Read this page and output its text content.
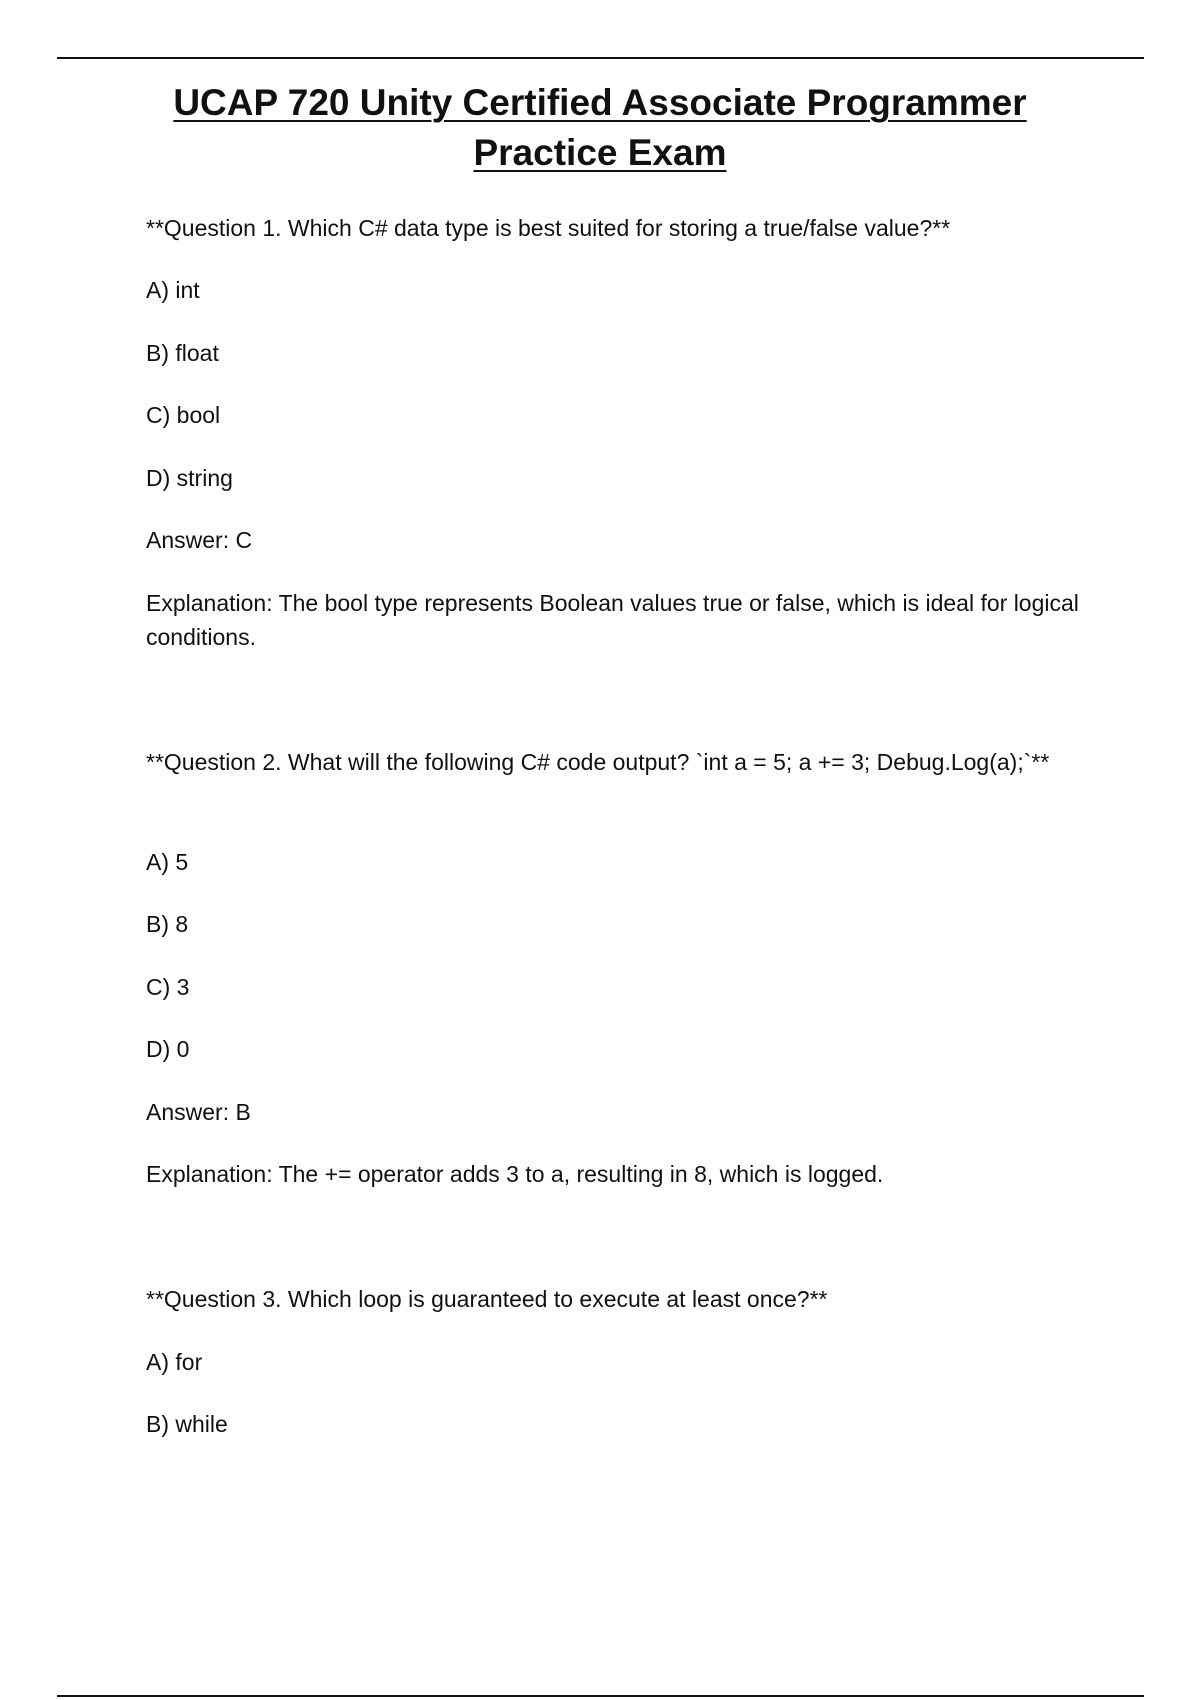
UCAP 720 Unity Certified Associate Programmer
Practice Exam

**Question 1. Which C# data type is best suited for storing a true/false value?**

A) int

B) float

C) bool

D) string

Answer: C

Explanation: The bool type represents Boolean values true or false, which is ideal for logical conditions.

**Question 2. What will the following C# code output? `int a = 5; a += 3; Debug.Log(a);`**

A) 5

B) 8

C) 3

D) 0

Answer: B

Explanation: The += operator adds 3 to a, resulting in 8, which is logged.

**Question 3. Which loop is guaranteed to execute at least once?**

A) for

B) while
